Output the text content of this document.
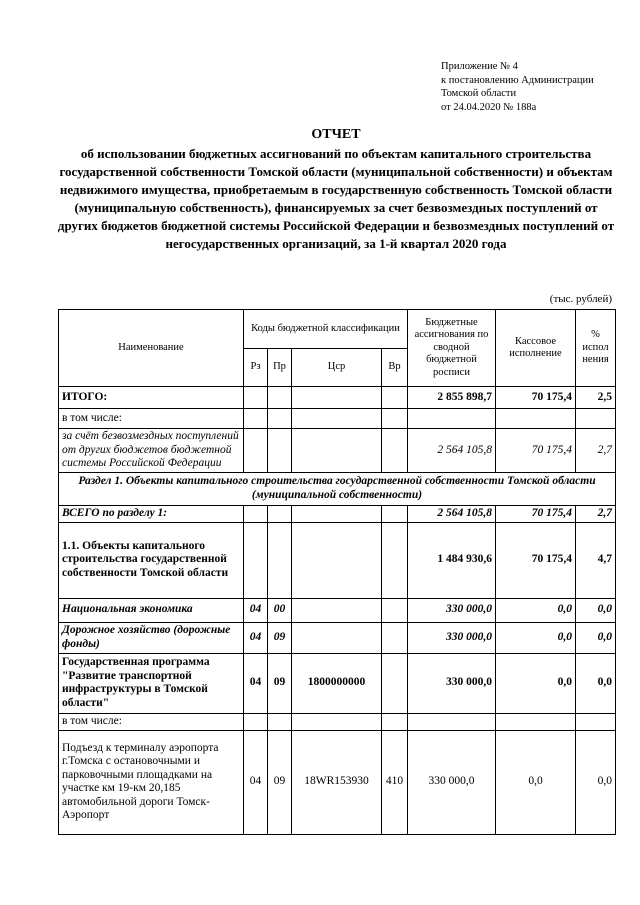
Приложение № 4
к постановлению Администрации
Томской области
от 24.04.2020 № 188а
ОТЧЕТ
об использовании бюджетных ассигнований по объектам капитального строительства государственной собственности Томской области (муниципальной собственности) и объектам недвижимого имущества, приобретаемым в государственную собственность Томской области (муниципальную собственность), финансируемых за счет безвозмездных поступлений от других бюджетов бюджетной системы Российской Федерации и безвозмездных поступлений от негосударственных организаций, за 1-й квартал 2020 года
(тыс. рублей)
Наименование	Коды бюджетной классификации				Бюджетные ассигнования по сводной бюджетной росписи	Кассовое исполнение	% испол нения
	Рз	Пр	Цср	Вр			
ИТОГО:					2 855 898,7	70 175,4	2,5
в том числе:							
за счёт безвозмездных поступлений от других бюджетов бюджетной системы Российской Федерации					2 564 105,8	70 175,4	2,7
Раздел 1. Объекты капитального строительства государственной собственности Томской области (муниципальной собственности)							
ВСЕГО по разделу 1:					2 564 105,8	70 175,4	2,7
1.1. Объекты капитального строительства государственной собственности Томской области					1 484 930,6	70 175,4	4,7
Национальная экономика	04	00			330 000,0	0,0	0,0
Дорожное хозяйство (дорожные фонды)	04	09			330 000,0	0,0	0,0
Государственная программа "Развитие транспортной инфраструктуры в Томской области"	04	09	1800000000		330 000,0	0,0	0,0
в том числе:							
Подъезд к терминалу аэропорта г.Томска с остановочными и парковочными площадками на участке км 19-км 20,185 автомобильной дороги Томск-Аэропорт	04	09	18WR153930	410	330 000,0	0,0	0,0
